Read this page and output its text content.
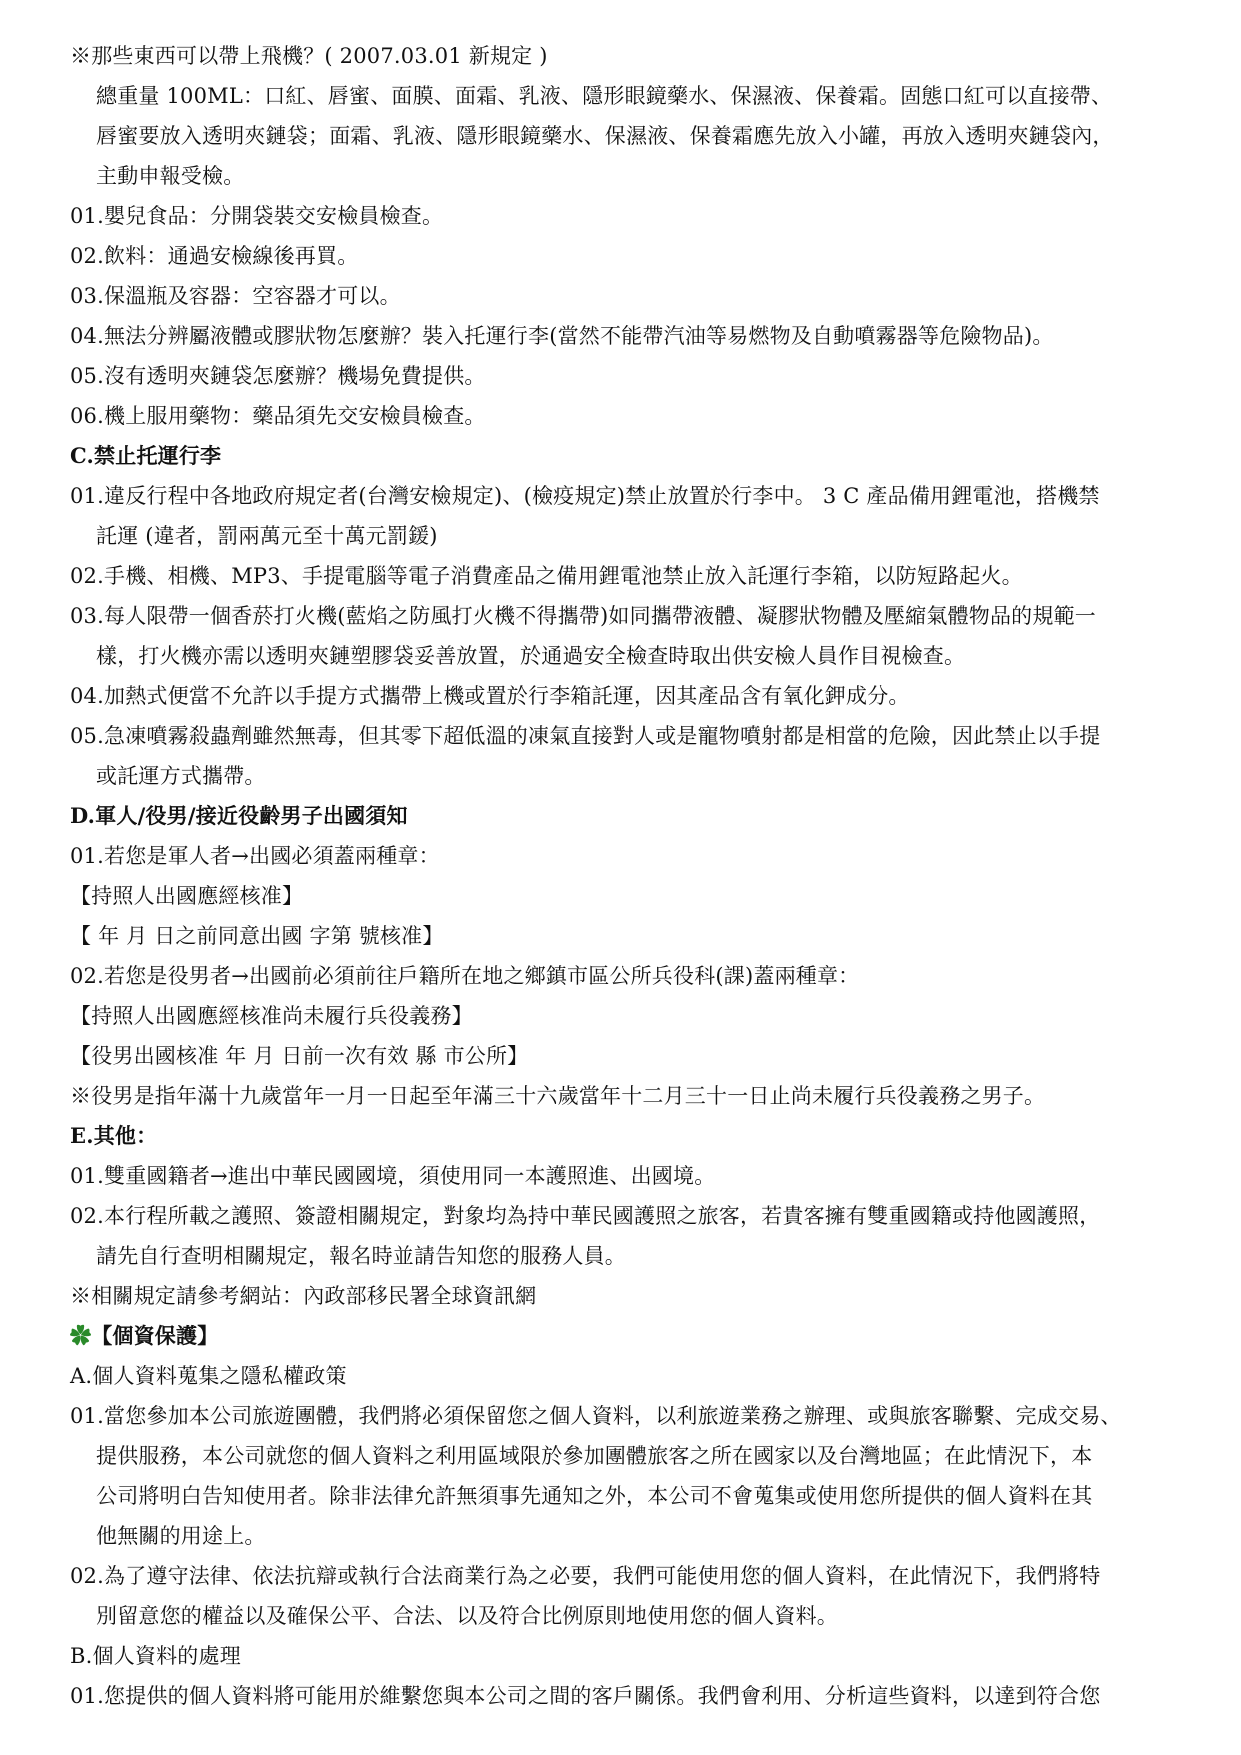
※那些東西可以帶上飛機？( 2007.03.01 新規定 )
總重量 100ML：口紅、唇蜜、面膜、面霜、乳液、隱形眼鏡藥水、保濕液、保養霜。固態口紅可以直接帶、
唇蜜要放入透明夾鏈袋；面霜、乳液、隱形眼鏡藥水、保濕液、保養霜應先放入小罐，再放入透明夾鏈袋內，
主動申報受檢。
01.嬰兒食品：分開袋裝交安檢員檢查。
02.飲料：通過安檢線後再買。
03.保溫瓶及容器：空容器才可以。
04.無法分辨屬液體或膠狀物怎麼辦？裝入托運行李(當然不能帶汽油等易燃物及自動噴霧器等危險物品)。
05.沒有透明夾鏈袋怎麼辦？機場免費提供。
06.機上服用藥物：藥品須先交安檢員檢查。
C.禁止托運行李
01.違反行程中各地政府規定者(台灣安檢規定)、(檢疫規定)禁止放置於行李中。 3 C 產品備用鋰電池，搭機禁
託運 (違者，罰兩萬元至十萬元罰鍰)
02.手機、相機、MP3、手提電腦等電子消費產品之備用鋰電池禁止放入託運行李箱，以防短路起火。
03.每人限帶一個香菸打火機(藍焰之防風打火機不得攜帶)如同攜帶液體、凝膠狀物體及壓縮氣體物品的規範一
樣，打火機亦需以透明夾鏈塑膠袋妥善放置，於通過安全檢查時取出供安檢人員作目視檢查。
04.加熱式便當不允許以手提方式攜帶上機或置於行李箱託運，因其產品含有氧化鉀成分。
05.急凍噴霧殺蟲劑雖然無毒，但其零下超低溫的凍氣直接對人或是寵物噴射都是相當的危險，因此禁止以手提
或託運方式攜帶。
D.軍人/役男/接近役齡男子出國須知
01.若您是軍人者→出國必須蓋兩種章：
【持照人出國應經核准】
【 年 月 日之前同意出國 字第 號核准】
02.若您是役男者→出國前必須前往戶籍所在地之鄉鎮市區公所兵役科(課)蓋兩種章：
【持照人出國應經核准尚未履行兵役義務】
【役男出國核准 年 月 日前一次有效 縣 市公所】
※役男是指年滿十九歲當年一月一日起至年滿三十六歲當年十二月三十一日止尚未履行兵役義務之男子。
E.其他：
01.雙重國籍者→進出中華民國國境，須使用同一本護照進、出國境。
02.本行程所載之護照、簽證相關規定，對象均為持中華民國護照之旅客，若貴客擁有雙重國籍或持他國護照，
請先自行查明相關規定，報名時並請告知您的服務人員。
※相關規定請參考網站：內政部移民署全球資訊網
✿【個資保護】
A.個人資料蒐集之隱私權政策
01.當您參加本公司旅遊團體，我們將必須保留您之個人資料，以利旅遊業務之辦理、或與旅客聯繫、完成交易、
提供服務，本公司就您的個人資料之利用區域限於參加團體旅客之所在國家以及台灣地區；在此情況下，本
公司將明白告知使用者。除非法律允許無須事先通知之外，本公司不會蒐集或使用您所提供的個人資料在其
他無關的用途上。
02.為了遵守法律、依法抗辯或執行合法商業行為之必要，我們可能使用您的個人資料，在此情況下，我們將特
別留意您的權益以及確保公平、合法、以及符合比例原則地使用您的個人資料。
B.個人資料的處理
01.您提供的個人資料將可能用於維繫您與本公司之間的客戶關係。我們會利用、分析這些資料，以達到符合您
